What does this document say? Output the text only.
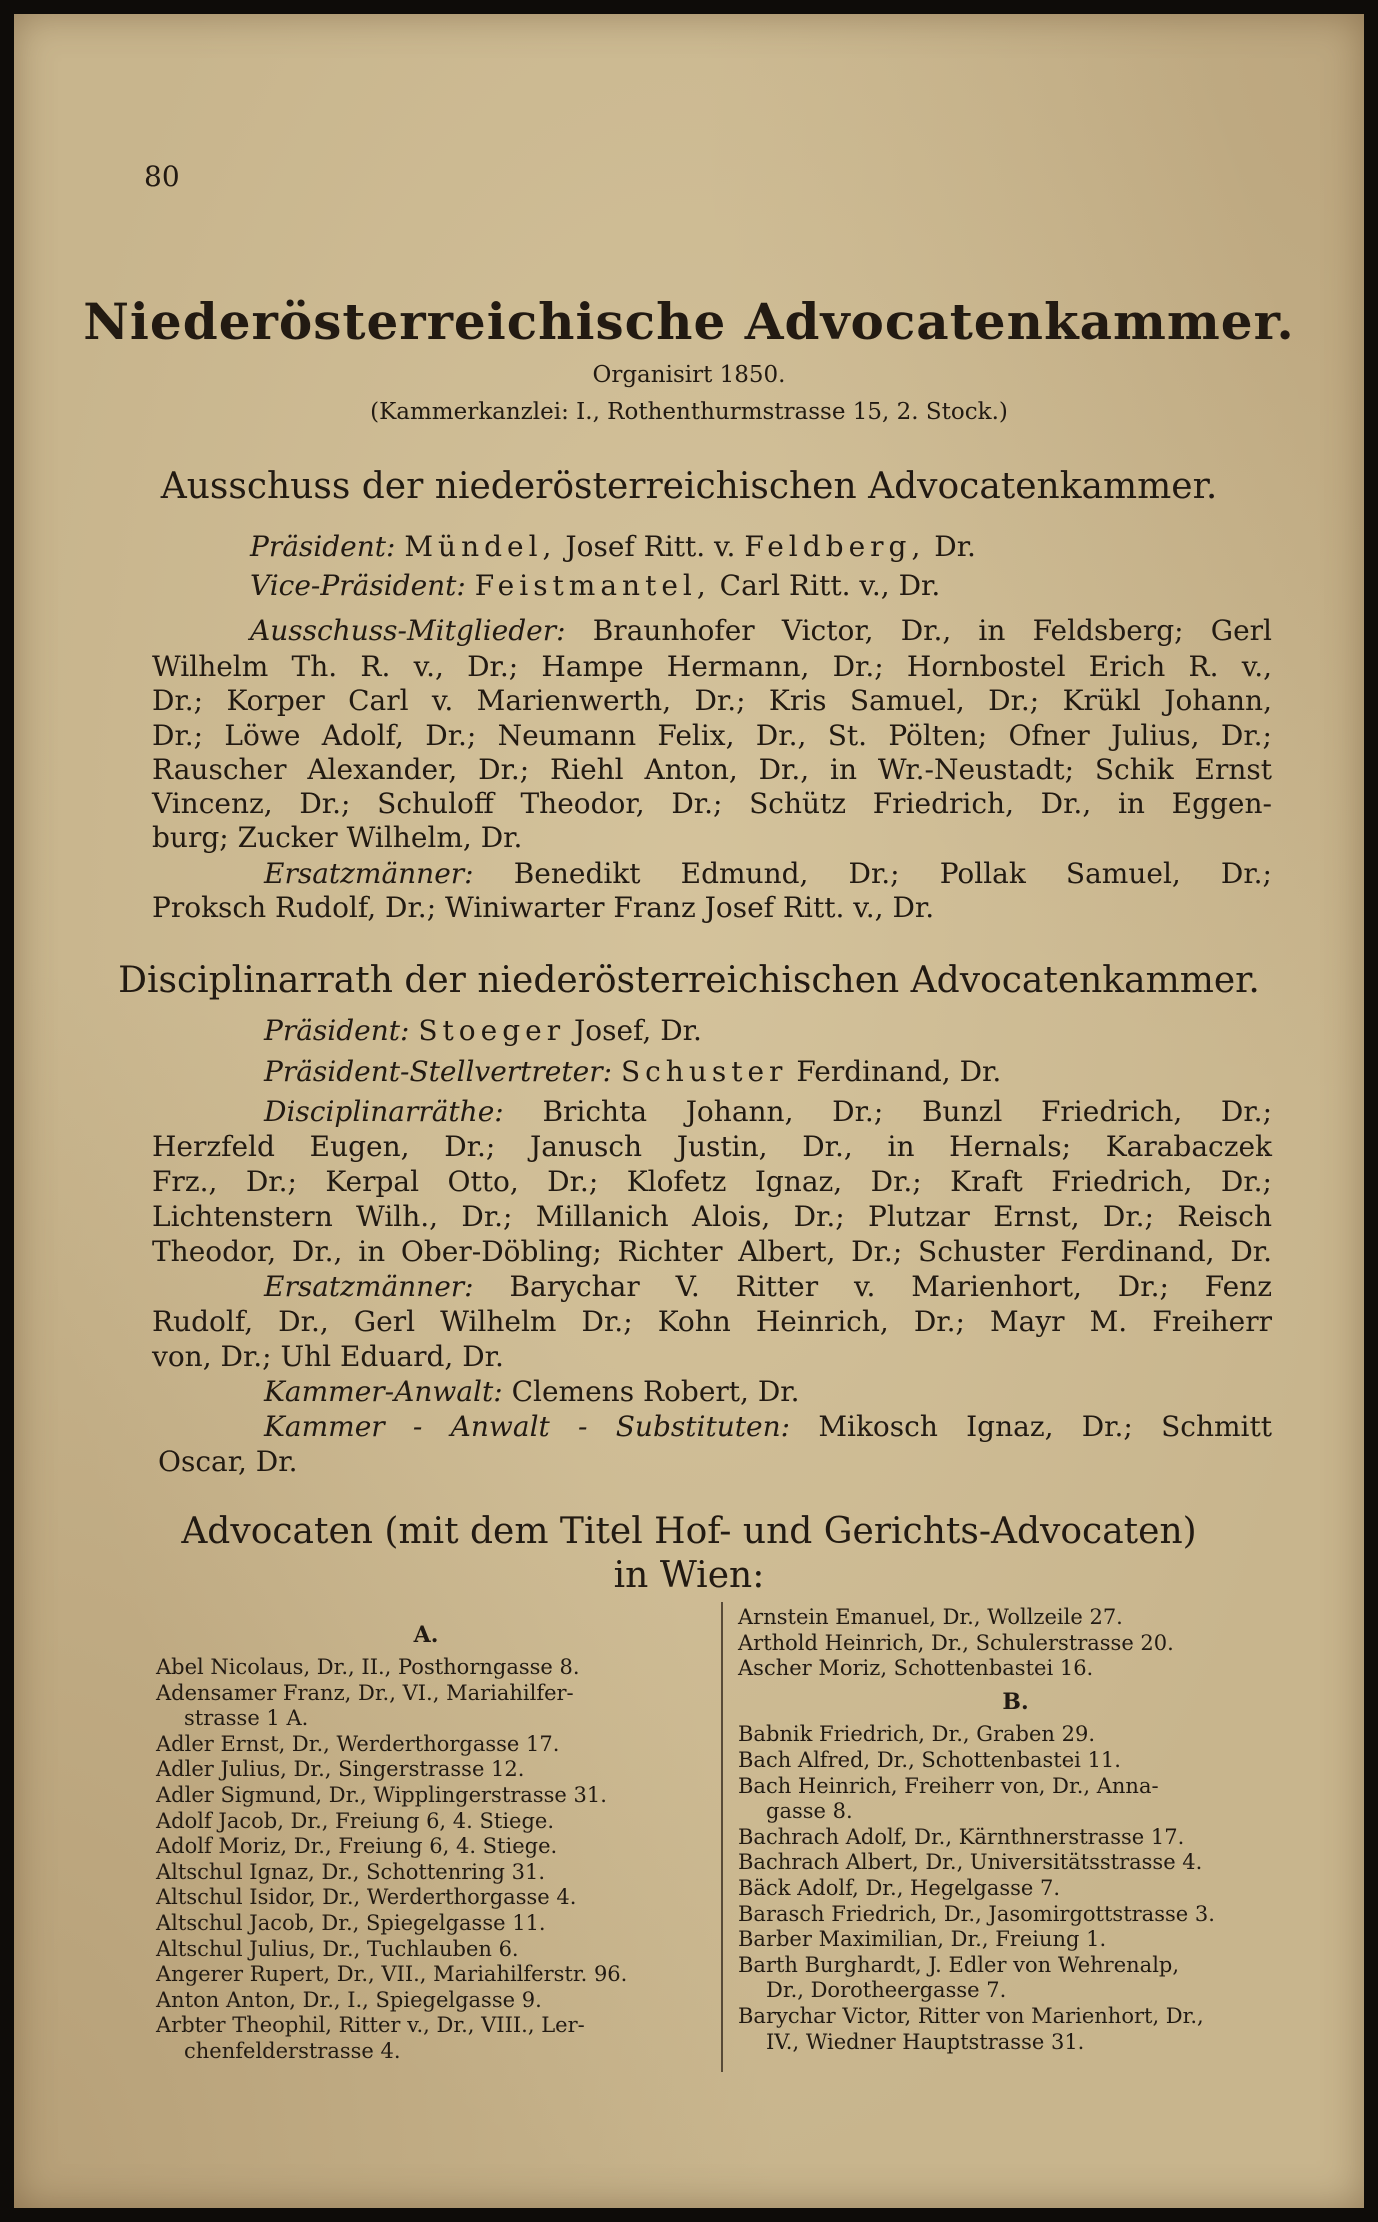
80
Niederösterreichische Advocatenkammer.
Organisirt 1850.
(Kammerkanzlei: I., Rothenthurmstrasse 15, 2. Stock.)
Ausschuss der niederösterreichischen Advocatenkammer.
Präsident: Mündel, Josef Ritt. v. Feldberg, Dr.
Vice-Präsident: Feistmantel, Carl Ritt. v., Dr.
Ausschuss-Mitglieder: Braunhofer Victor, Dr., in Feldsberg; Gerl
Wilhelm Th. R. v., Dr.; Hampe Hermann, Dr.; Hornbostel Erich R. v.,
Dr.; Korper Carl v. Marienwerth, Dr.; Kris Samuel, Dr.; Krükl Johann,
Dr.; Löwe Adolf, Dr.; Neumann Felix, Dr., St. Pölten; Ofner Julius, Dr.;
Rauscher Alexander, Dr.; Riehl Anton, Dr., in Wr.-Neustadt; Schik Ernst
Vincenz, Dr.; Schuloff Theodor, Dr.; Schütz Friedrich, Dr., in Eggen-
burg; Zucker Wilhelm, Dr.
Ersatzmänner: Benedikt Edmund, Dr.; Pollak Samuel, Dr.;
Proksch Rudolf, Dr.; Winiwarter Franz Josef Ritt. v., Dr.
Disciplinarrath der niederösterreichischen Advocatenkammer.
Präsident: Stoeger Josef, Dr.
Präsident-Stellvertreter: Schuster Ferdinand, Dr.
Disciplinarräthe: Brichta Johann, Dr.; Bunzl Friedrich, Dr.;
Herzfeld Eugen, Dr.; Janusch Justin, Dr., in Hernals; Karabaczek
Frz., Dr.; Kerpal Otto, Dr.; Klofetz Ignaz, Dr.; Kraft Friedrich, Dr.;
Lichtenstern Wilh., Dr.; Millanich Alois, Dr.; Plutzar Ernst, Dr.; Reisch
Theodor, Dr., in Ober-Döbling; Richter Albert, Dr.; Schuster Ferdinand, Dr.
Ersatzmänner: Barychar V. Ritter v. Marienhort, Dr.; Fenz
Rudolf, Dr., Gerl Wilhelm Dr.; Kohn Heinrich, Dr.; Mayr M. Freiherr
von, Dr.; Uhl Eduard, Dr.
Kammer-Anwalt: Clemens Robert, Dr.
Kammer - Anwalt - Substituten: Mikosch Ignaz, Dr.; Schmitt
Oscar, Dr.
Advocaten (mit dem Titel Hof- und Gerichts-Advocaten)
in Wien:
A.
Abel Nicolaus, Dr., II., Posthorngasse 8.
Adensamer Franz, Dr., VI., Mariahilfer-
strasse 1 A.
Adler Ernst, Dr., Werderthorgasse 17.
Adler Julius, Dr., Singerstrasse 12.
Adler Sigmund, Dr., Wipplingerstrasse 31.
Adolf Jacob, Dr., Freiung 6, 4. Stiege.
Adolf Moriz, Dr., Freiung 6, 4. Stiege.
Altschul Ignaz, Dr., Schottenring 31.
Altschul Isidor, Dr., Werderthorgasse 4.
Altschul Jacob, Dr., Spiegelgasse 11.
Altschul Julius, Dr., Tuchlauben 6.
Angerer Rupert, Dr., VII., Mariahilferstr. 96.
Anton Anton, Dr., I., Spiegelgasse 9.
Arbter Theophil, Ritter v., Dr., VIII., Ler-
chenfelderstrasse 4.
Arnstein Emanuel, Dr., Wollzeile 27.
Arthold Heinrich, Dr., Schulerstrasse 20.
Ascher Moriz, Schottenbastei 16.
B.
Babnik Friedrich, Dr., Graben 29.
Bach Alfred, Dr., Schottenbastei 11.
Bach Heinrich, Freiherr von, Dr., Anna-
gasse 8.
Bachrach Adolf, Dr., Kärnthnerstrasse 17.
Bachrach Albert, Dr., Universitätsstrasse 4.
Bäck Adolf, Dr., Hegelgasse 7.
Barasch Friedrich, Dr., Jasomirgottstrasse 3.
Barber Maximilian, Dr., Freiung 1.
Barth Burghardt, J. Edler von Wehrenalp,
Dr., Dorotheergasse 7.
Barychar Victor, Ritter von Marienhort, Dr.,
IV., Wiedner Hauptstrasse 31.
